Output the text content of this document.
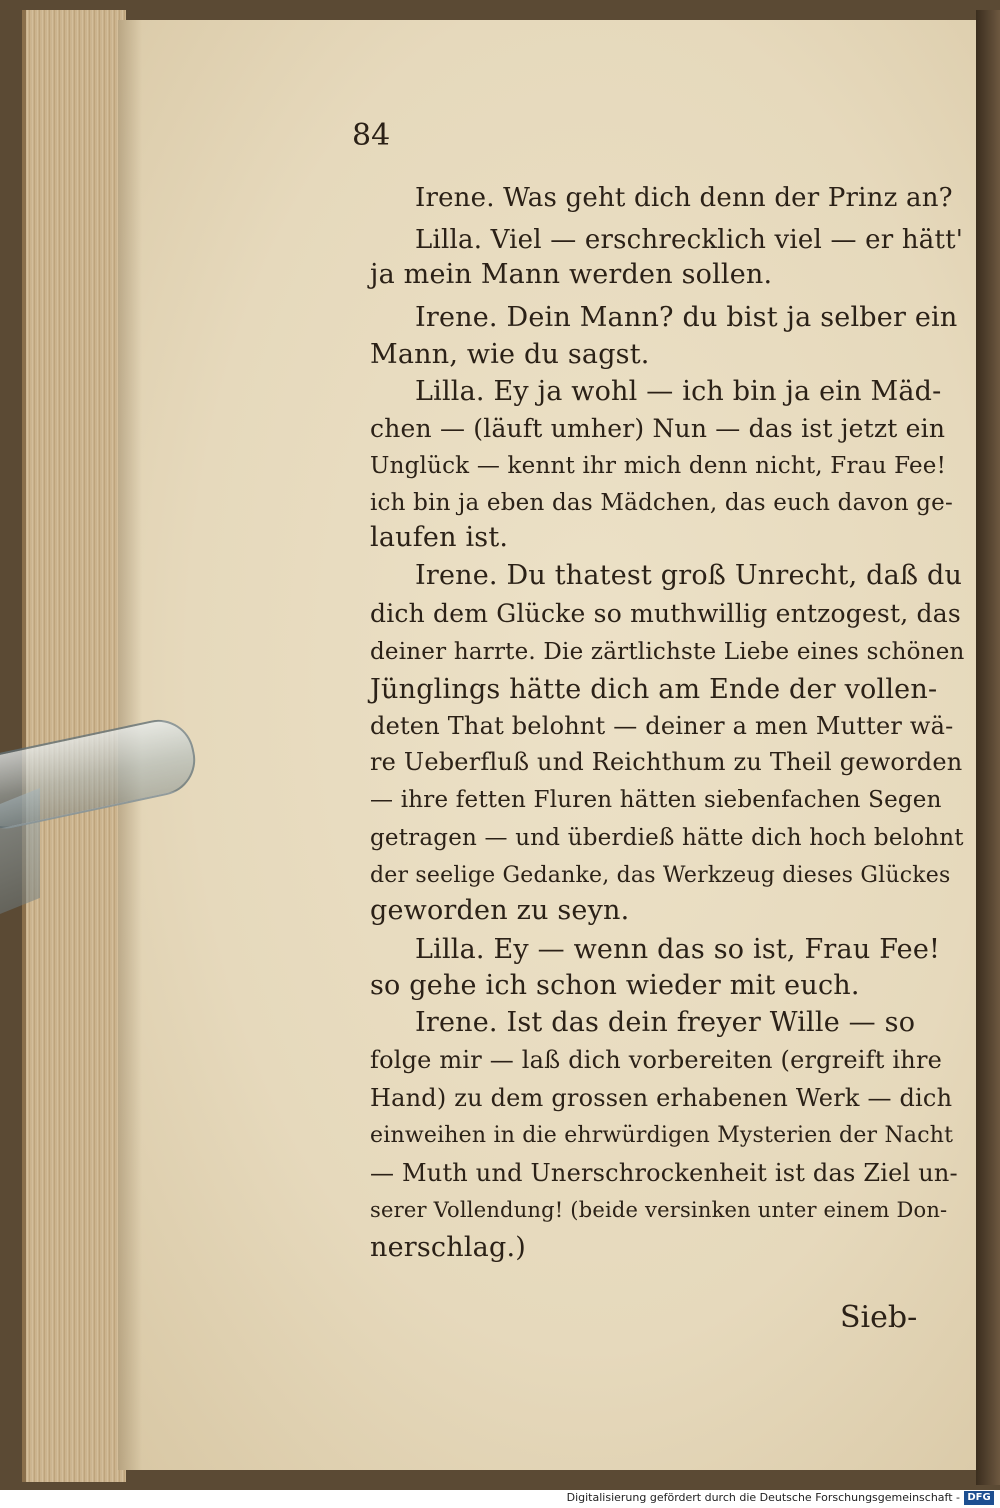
84
Irene. Was geht dich denn der Prinz an?
Lilla. Viel — erschrecklich viel — er hätt'
ja mein Mann werden sollen.
Irene. Dein Mann? du bist ja selber ein
Mann, wie du sagst.
Lilla. Ey ja wohl — ich bin ja ein Mäd-
chen — (läuft umher) Nun — das ist jetzt ein
Unglück — kennt ihr mich denn nicht, Frau Fee!
ich bin ja eben das Mädchen, das euch davon ge-
laufen ist.
Irene. Du thatest groß Unrecht, daß du
dich dem Glücke so muthwillig entzogest, das
deiner harrte. Die zärtlichste Liebe eines schönen
Jünglings hätte dich am Ende der vollen-
deten That belohnt — deiner a men Mutter wä-
re Ueberfluß und Reichthum zu Theil geworden
— ihre fetten Fluren hätten siebenfachen Segen
getragen — und überdieß hätte dich hoch belohnt
der seelige Gedanke, das Werkzeug dieses Glückes
geworden zu seyn.
Lilla. Ey — wenn das so ist, Frau Fee!
so gehe ich schon wieder mit euch.
Irene. Ist das dein freyer Wille — so
folge mir — laß dich vorbereiten (ergreift ihre
Hand) zu dem grossen erhabenen Werk — dich
einweihen in die ehrwürdigen Mysterien der Nacht
— Muth und Unerschrockenheit ist das Ziel un-
serer Vollendung! (beide versinken unter einem Don-
nerschlag.)
Sieb-
Digitalisierung gefördert durch die Deutsche Forschungsgemeinschaft - DFG
